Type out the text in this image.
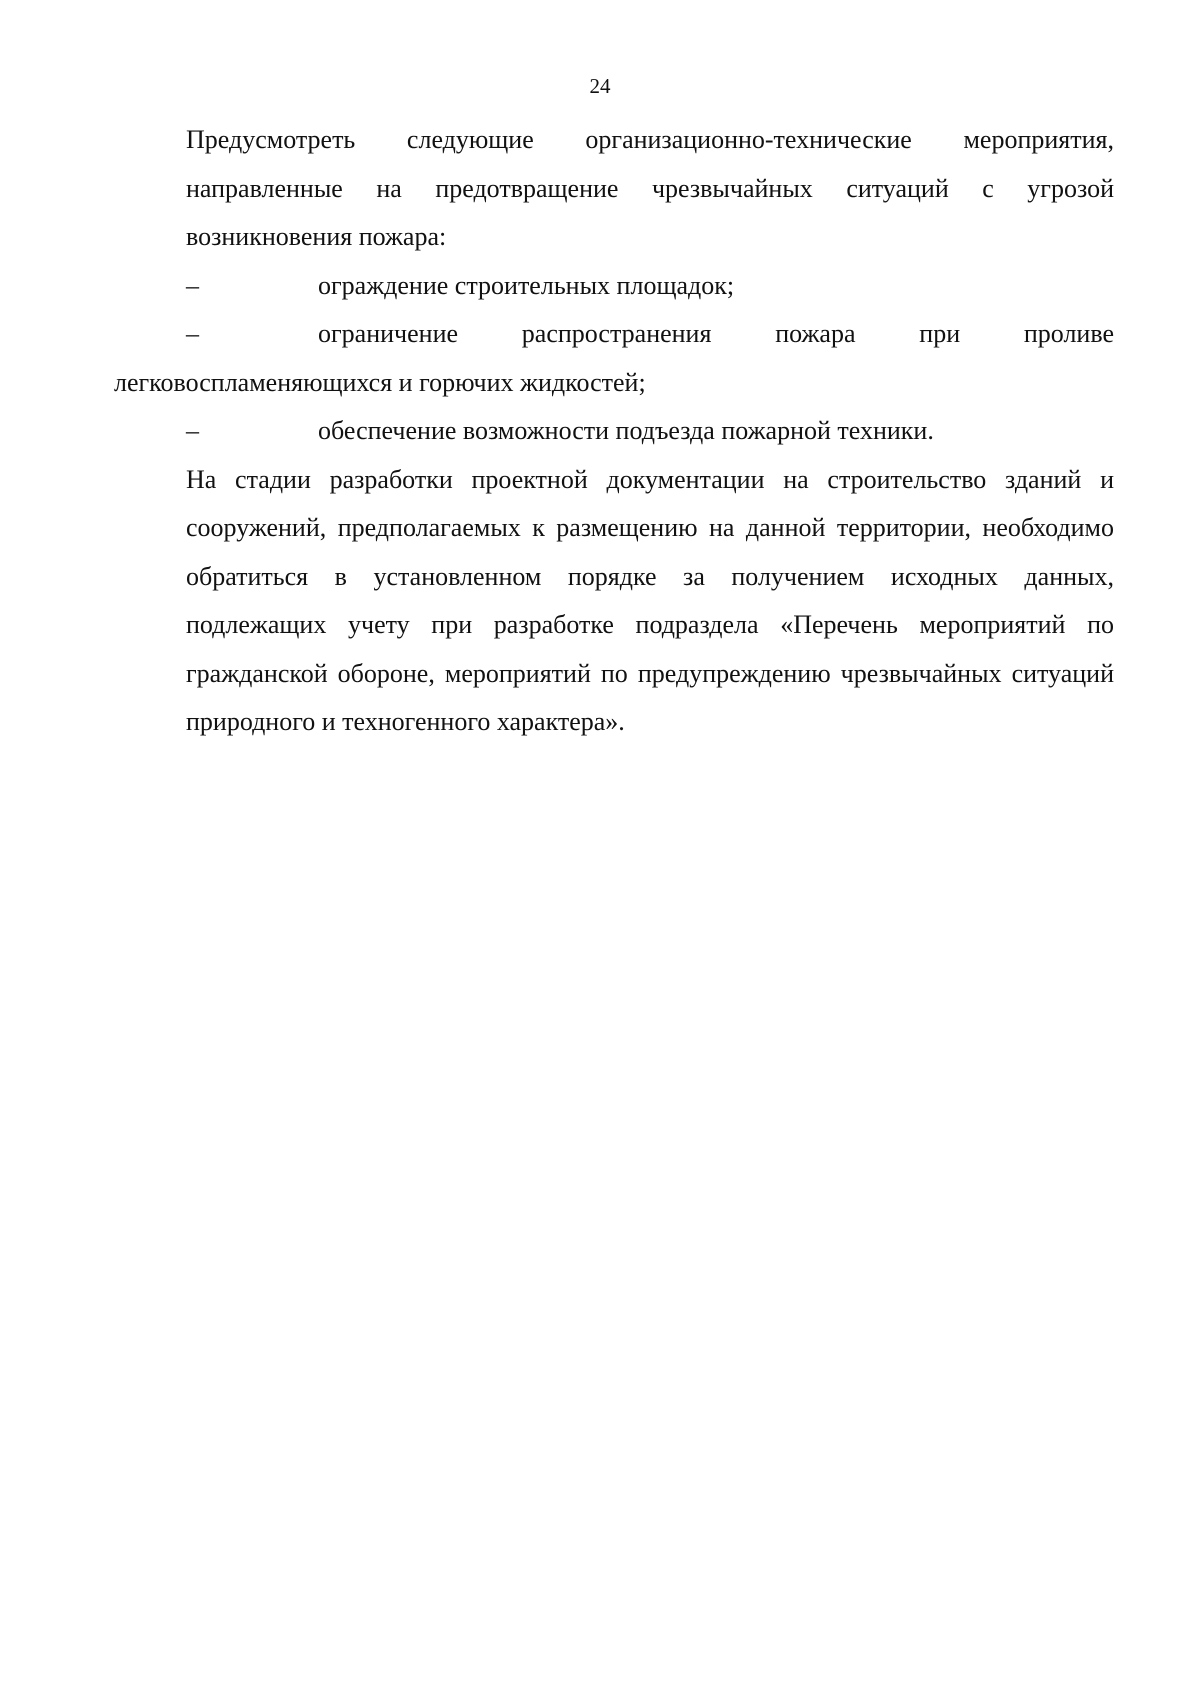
24
Предусмотреть следующие организационно-технические мероприятия,
направленные на предотвращение чрезвычайных ситуаций с угрозой
возникновения пожара:
–	ограждение строительных площадок;
–	ограничение распространения пожара при проливе
легковоспламеняющихся и горючих жидкостей;
–	обеспечение возможности подъезда пожарной техники.
На стадии разработки проектной документации на строительство зданий и
сооружений, предполагаемых к размещению на данной территории, необходимо
обратиться в установленном порядке за получением исходных данных,
подлежащих учету при разработке подраздела «Перечень мероприятий по
гражданской обороне, мероприятий по предупреждению чрезвычайных ситуаций
природного и техногенного характера».
